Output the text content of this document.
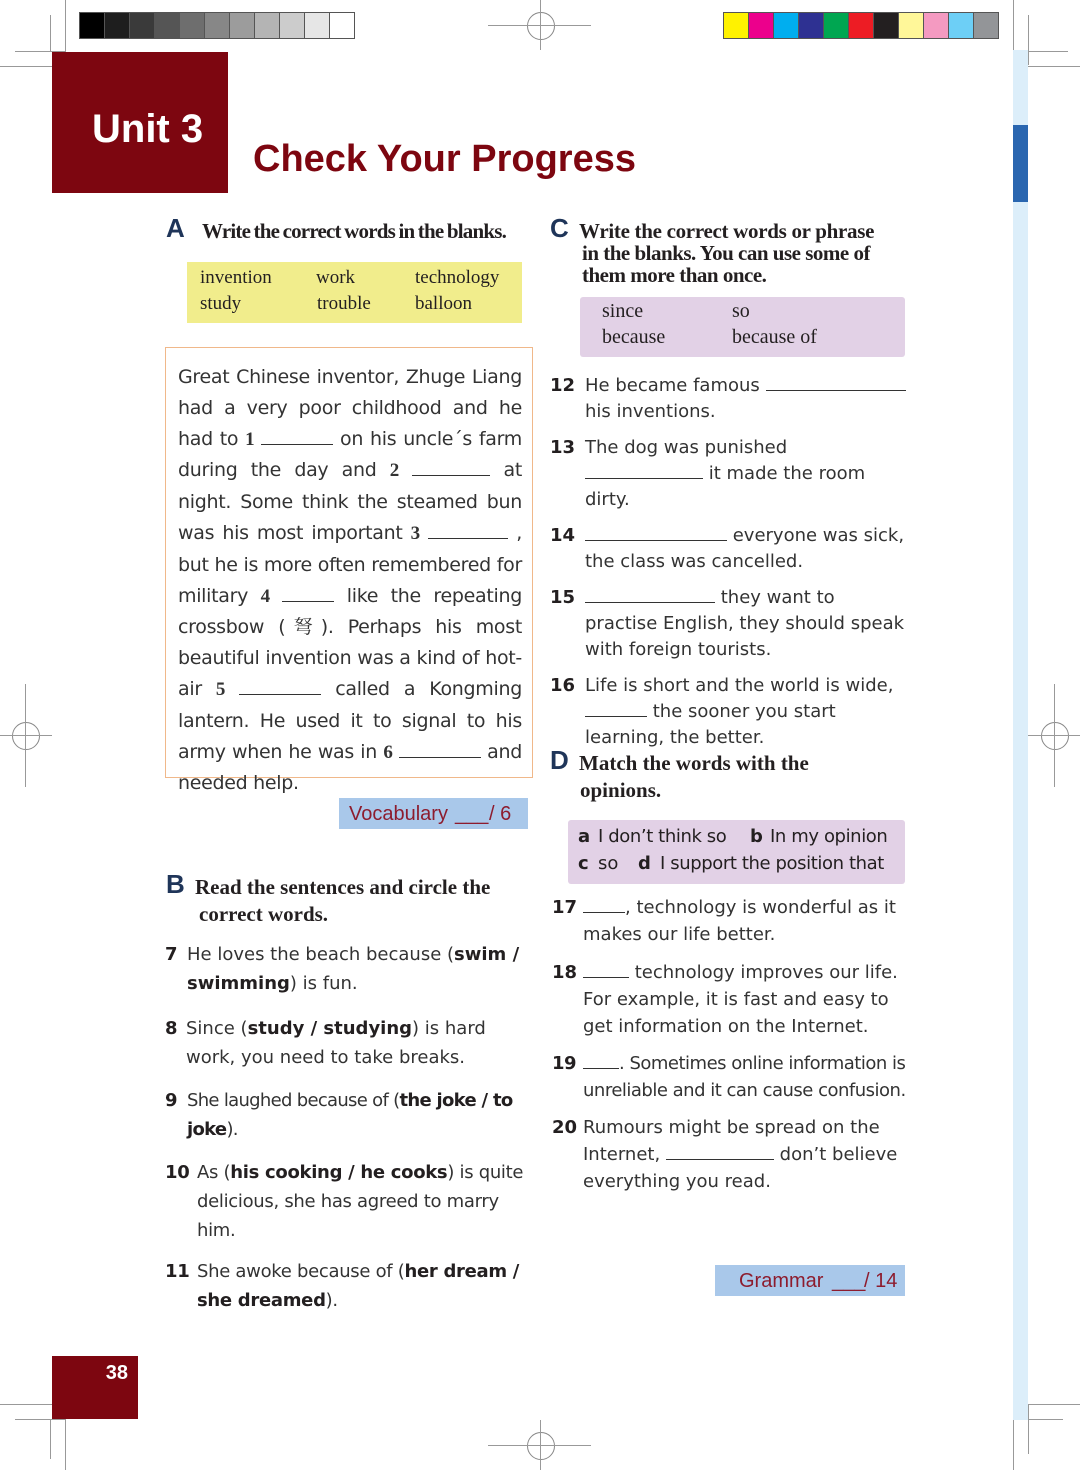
Unit 3
Check Your Progress
A Write the correct words in the blanks.
invention work	technology
study	trouble balloon
Great Chinese inventor, Zhuge Liang had a very poor childhood and he had to 1	on his uncle´s farm during the day and 2	at night. Some think the steamed bun was his most important 3	, but he is more often remembered for military 4	like the repeating crossbow (弩). Perhaps his most beautiful invention was a kind of hot-air 5	called a Kongming lantern. He used it to signal to his army when he was in 6	and needed help.
Vocabulary ___ / 6
B Read the sentences and circle the
correct words.
7 He loves the beach because (swim / swimming) is fun.
8 Since (study / studying) is hard work, you need to take breaks.
9 She laughed because of (the joke / to joke).
10 As (his cooking / he cooks) is quite delicious, she has agreed to marry him.
11 She awoke because of (her dream / she dreamed).
C Write the correct words or phrase
in the blanks. You can use some of
them more than once.
since	so
because	because of
12 He became famous  his inventions.
13 The dog was punished  it made the room dirty.
14	everyone was sick, the class was cancelled.
15	they want to practise English, they should speak with foreign tourists.
16 Life is short and the world is wide,
the sooner you start learning, the better.
D Match the words with the
opinions.
a I don’t think so b In my opinion
c so d I support the position that
17	, technology is wonderful as it makes our life better.
18	technology improves our life. For example, it is fast and easy to get information on the Internet.
19	. Sometimes online information is unreliable and it can cause confusion.
20 Rumours might be spread on the Internet,	don’t believe everything you read.
Grammar ___
/ 14
38
